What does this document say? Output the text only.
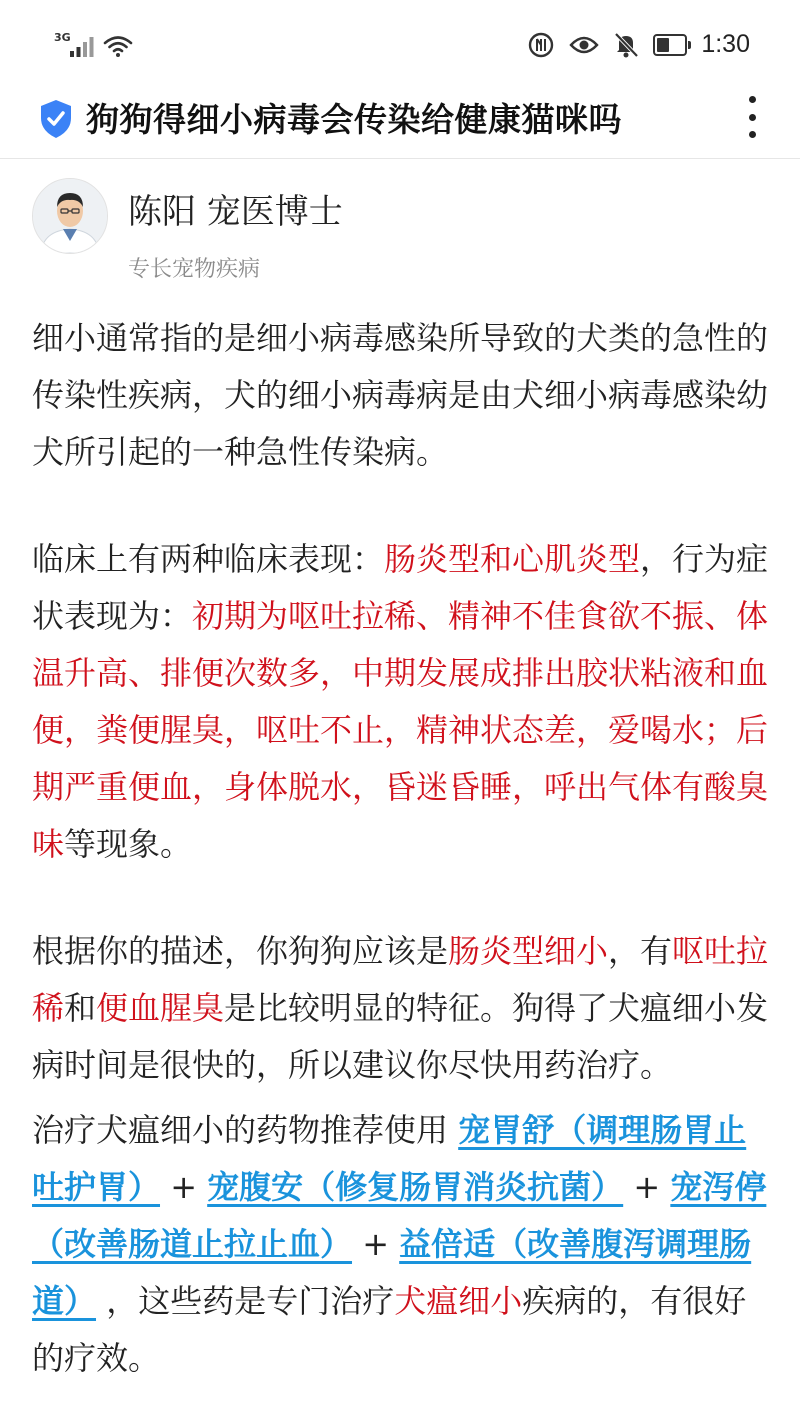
3G	1:30
狗狗得细小病毒会传染给健康猫咪吗
陈阳 宠医博士
专长宠物疾病

细小通常指的是细小病毒感染所导致的犬类的急性的传染性疾病，犬的细小病毒病是由犬细小病毒感染幼犬所引起的一种急性传染病。

临床上有两种临床表现：肠炎型和心肌炎型，行为症状表现为：初期为呕吐拉稀、精神不佳食欲不振、体温升高、排便次数多，中期发展成排出胶状粘液和血便，粪便腥臭，呕吐不止，精神状态差，爱喝水；后期严重便血，身体脱水，昏迷昏睡，呼出气体有酸臭味等现象。

根据你的描述，你狗狗应该是肠炎型细小，有呕吐拉稀和便血腥臭是比较明显的特征。狗得了犬瘟细小发病时间是很快的，所以建议你尽快用药治疗。

治疗犬瘟细小的药物推荐使用 宠胃舒（调理肠胃止吐护胃） + 宠腹安（修复肠胃消炎抗菌） + 宠泻停（改善肠道止拉止血） + 益倍适（改善腹泻调理肠道） ，这些药是专门治疗犬瘟细小疾病的，有很好的疗效。
